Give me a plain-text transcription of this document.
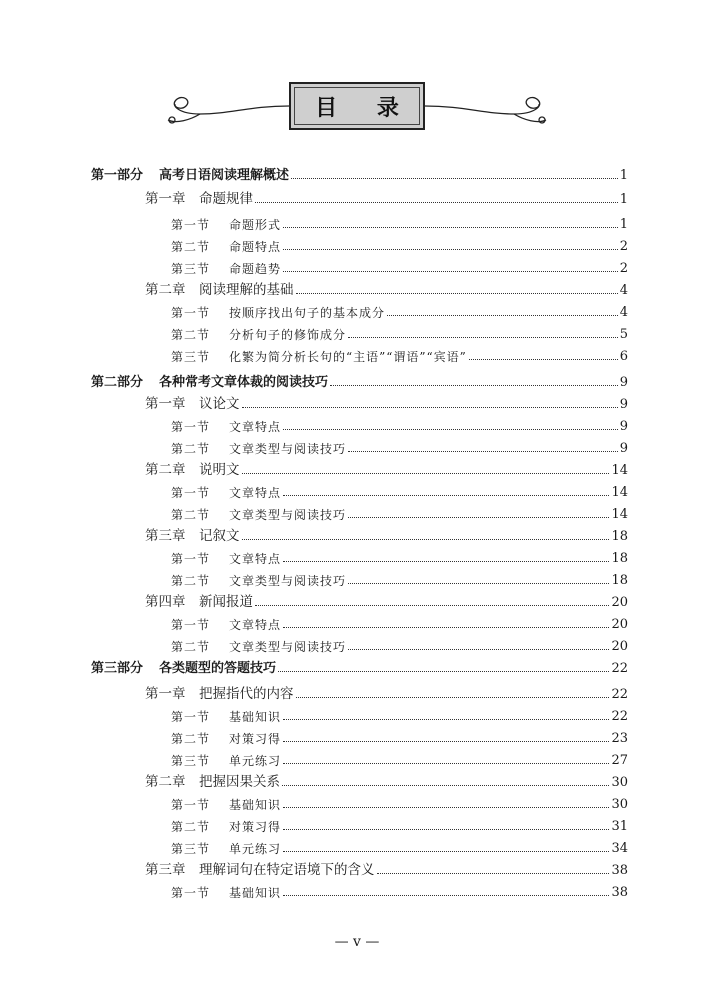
目 录
第一部分	高考日语阅读理解概述	1
第一章	命题规律	1
第一节	命题形式	1
第二节	命题特点	2
第三节	命题趋势	2
第二章	阅读理解的基础	4
第一节	按顺序找出句子的基本成分	4
第二节	分析句子的修饰成分	5
第三节	化繁为简分析长句的“主语”“谓语”“宾语”	6
第二部分	各种常考文章体裁的阅读技巧	9
第一章	议论文	9
第一节	文章特点	9
第二节	文章类型与阅读技巧	9
第二章	说明文	14
第一节	文章特点	14
第二节	文章类型与阅读技巧	14
第三章	记叙文	18
第一节	文章特点	18
第二节	文章类型与阅读技巧	18
第四章	新闻报道	20
第一节	文章特点	20
第二节	文章类型与阅读技巧	20
第三部分	各类题型的答题技巧	22
第一章	把握指代的内容	22
第一节	基础知识	22
第二节	对策习得	23
第三节	单元练习	27
第二章	把握因果关系	30
第一节	基础知识	30
第二节	对策习得	31
第三节	单元练习	34
第三章	理解词句在特定语境下的含义	38
第一节	基础知识	38
— v —
